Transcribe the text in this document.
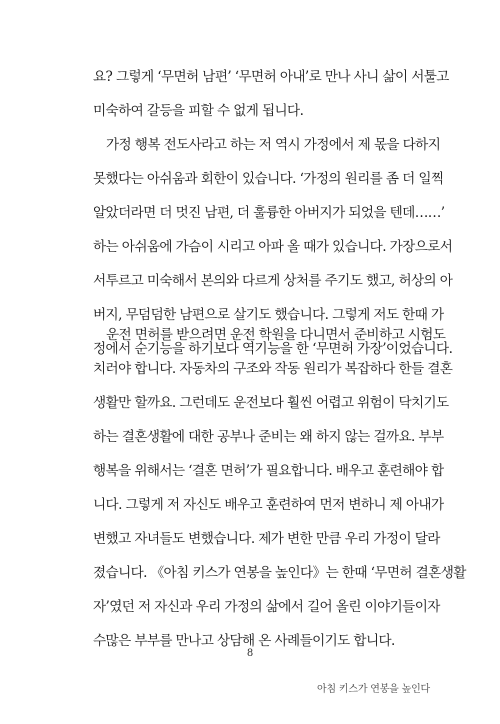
요? 그렇게 ‘무면허 남편’ ‘무면허 아내’로 만나 사니 삶이 서툴고
미숙하여 갈등을 피할 수 없게 됩니다.
가정 행복 전도사라고 하는 저 역시 가정에서 제 몫을 다하지
못했다는 아쉬움과 회한이 있습니다. ‘가정의 원리를 좀 더 일찍
알았더라면 더 멋진 남편, 더 훌륭한 아버지가 되었을 텐데……’
하는 아쉬움에 가슴이 시리고 아파 올 때가 있습니다. 가장으로서
서투르고 미숙해서 본의와 다르게 상처를 주기도 했고, 허상의 아
버지, 무덤덤한 남편으로 살기도 했습니다. 그렇게 저도 한때 가
정에서 순기능을 하기보다 역기능을 한 ‘무면허 가장’이었습니다.
운전 면허를 받으려면 운전 학원을 다니면서 준비하고 시험도
치러야 합니다. 자동차의 구조와 작동 원리가 복잡하다 한들 결혼
생활만 할까요. 그런데도 운전보다 훨씬 어렵고 위험이 닥치기도
하는 결혼생활에 대한 공부나 준비는 왜 하지 않는 걸까요. 부부
행복을 위해서는 ‘결혼 면허’가 필요합니다. 배우고 훈련해야 합
니다. 그렇게 저 자신도 배우고 훈련하여 먼저 변하니 제 아내가
변했고 자녀들도 변했습니다. 제가 변한 만큼 우리 가정이 달라
졌습니다. 《아침 키스가 연봉을 높인다》는 한때 ‘무면허 결혼생활
자’였던 저 자신과 우리 가정의 삶에서 길어 올린 이야기들이자
수많은 부부를 만나고 상담해 온 사례들이기도 합니다.
8
아침 키스가 연봉을 높인다
